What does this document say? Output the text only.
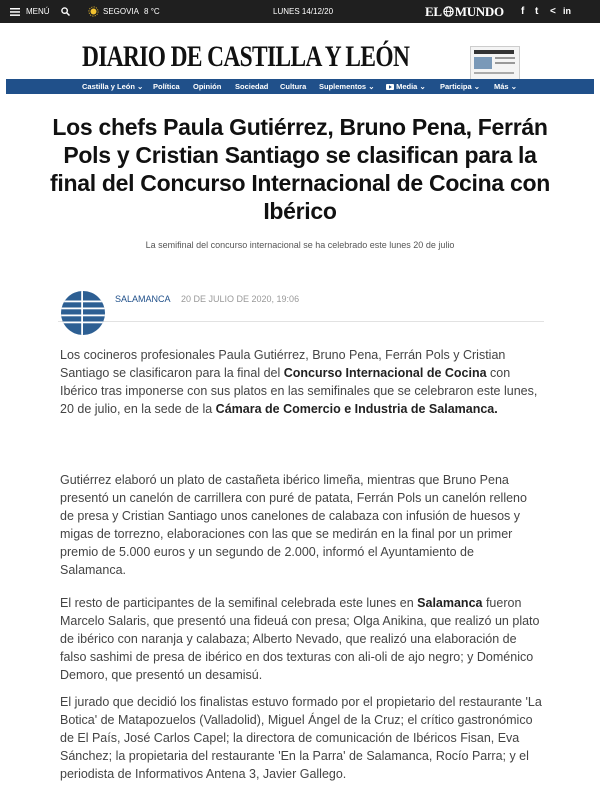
MENÚ	SEGOVIA 8 °C	LUNES 14/12/20	EL MUNDO f t < in
DIARIO DE CASTILLA Y LEÓN
Castilla y León ⌄ Política Opinión Sociedad Cultura Suplementos ⌄	Media ⌄ Participa ⌄ Más ⌄
Los chefs Paula Gutiérrez, Bruno Pena, Ferrán Pols y Cristian Santiago se clasifican para la final del Concurso Internacional de Cocina con Ibérico
La semifinal del concurso internacional se ha celebrado este lunes 20 de julio
SALAMANCA 20 DE JULIO DE 2020, 19:06
Los cocineros profesionales Paula Gutiérrez, Bruno Pena, Ferrán Pols y Cristian Santiago se clasificaron para la final del Concurso Internacional de Cocina con Ibérico tras imponerse con sus platos en las semifinales que se celebraron este lunes, 20 de julio, en la sede de la Cámara de Comercio e Industria de Salamanca.
Gutiérrez elaboró un plato de castañeta ibérico limeña, mientras que Bruno Pena presentó un canelón de carrillera con puré de patata, Ferrán Pols un canelón relleno de presa y Cristian Santiago unos canelones de calabaza con infusión de huesos y migas de torrezno, elaboraciones con las que se medirán en la final por un primer premio de 5.000 euros y un segundo de 2.000, informó el Ayuntamiento de Salamanca.
El resto de participantes de la semifinal celebrada este lunes en Salamanca fueron Marcelo Salaris, que presentó una fideuá con presa; Olga Anikina, que realizó un plato de ibérico con naranja y calabaza; Alberto Nevado, que realizó una elaboración de falso sashimi de presa de ibérico en dos texturas con ali-oli de ajo negro; y Doménico Demoro, que presentó un desamisú.
El jurado que decidió los finalistas estuvo formado por el propietario del restaurante 'La Botica' de Matapozuelos (Valladolid), Miguel Ángel de la Cruz; el crítico gastronómico de El País, José Carlos Capel; la directora de comunicación de Ibéricos Fisan, Eva Sánchez; la propietaria del restaurante 'En la Parra' de Salamanca, Rocío Parra; y el periodista de Informativos Antena 3, Javier Gallego.
